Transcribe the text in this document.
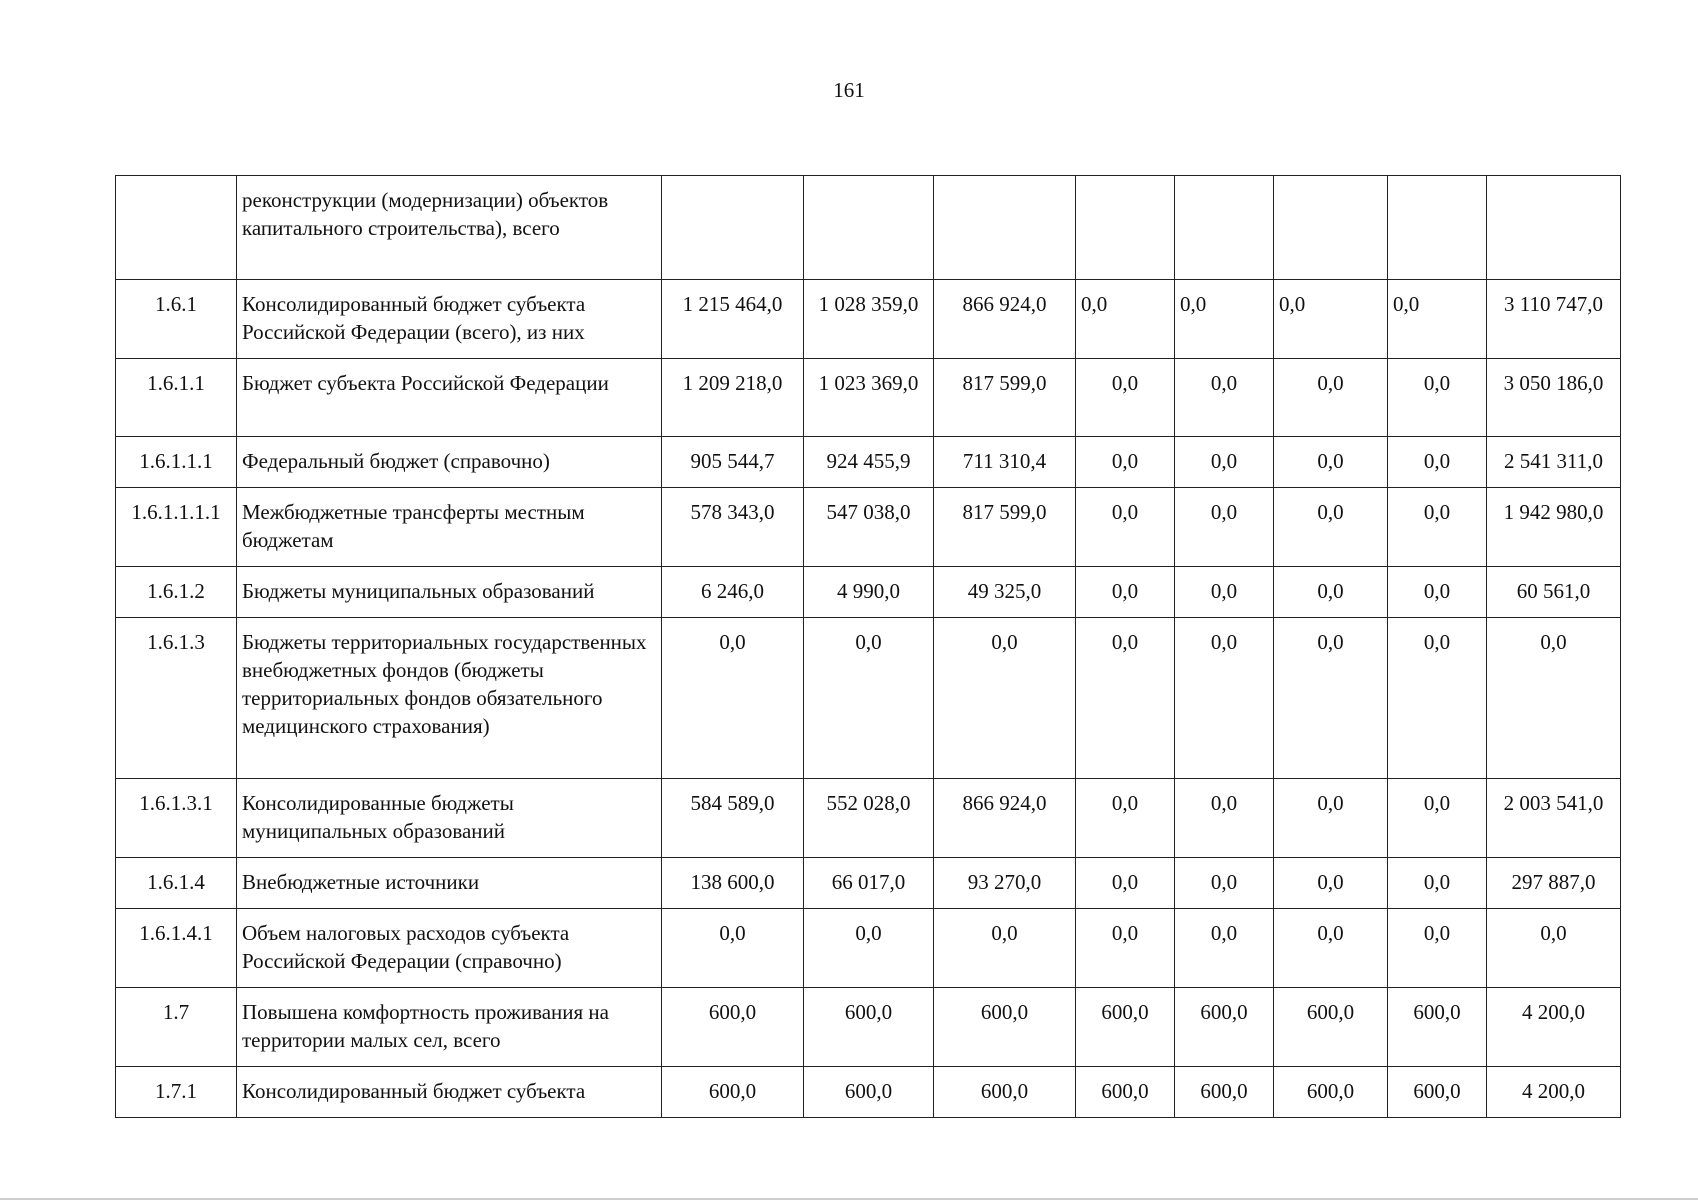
161
	реконструкции (модернизации) объектов капитального строительства), всего								
1.6.1	Консолидированный бюджет субъекта Российской Федерации (всего), из них	1 215 464,0	1 028 359,0	866 924,0	0,0	0,0	0,0	0,0	3 110 747,0
1.6.1.1	Бюджет субъекта Российской Федерации	1 209 218,0	1 023 369,0	817 599,0	0,0	0,0	0,0	0,0	3 050 186,0
1.6.1.1.1	Федеральный бюджет (справочно)	905 544,7	924 455,9	711 310,4	0,0	0,0	0,0	0,0	2 541 311,0
1.6.1.1.1.1	Межбюджетные трансферты местным бюджетам	578 343,0	547 038,0	817 599,0	0,0	0,0	0,0	0,0	1 942 980,0
1.6.1.2	Бюджеты муниципальных образований	6 246,0	4 990,0	49 325,0	0,0	0,0	0,0	0,0	60 561,0
1.6.1.3	Бюджеты территориальных государственных внебюджетных фондов (бюджеты территориальных фондов обязательного медицинского страхования)	0,0	0,0	0,0	0,0	0,0	0,0	0,0	0,0
1.6.1.3.1	Консолидированные бюджеты муниципальных образований	584 589,0	552 028,0	866 924,0	0,0	0,0	0,0	0,0	2 003 541,0
1.6.1.4	Внебюджетные источники	138 600,0	66 017,0	93 270,0	0,0	0,0	0,0	0,0	297 887,0
1.6.1.4.1	Объем налоговых расходов субъекта Российской Федерации (справочно)	0,0	0,0	0,0	0,0	0,0	0,0	0,0	0,0
1.7	Повышена комфортность проживания на территории малых сел, всего	600,0	600,0	600,0	600,0	600,0	600,0	600,0	4 200,0
1.7.1	Консолидированный бюджет субъекта	600,0	600,0	600,0	600,0	600,0	600,0	600,0	4 200,0
